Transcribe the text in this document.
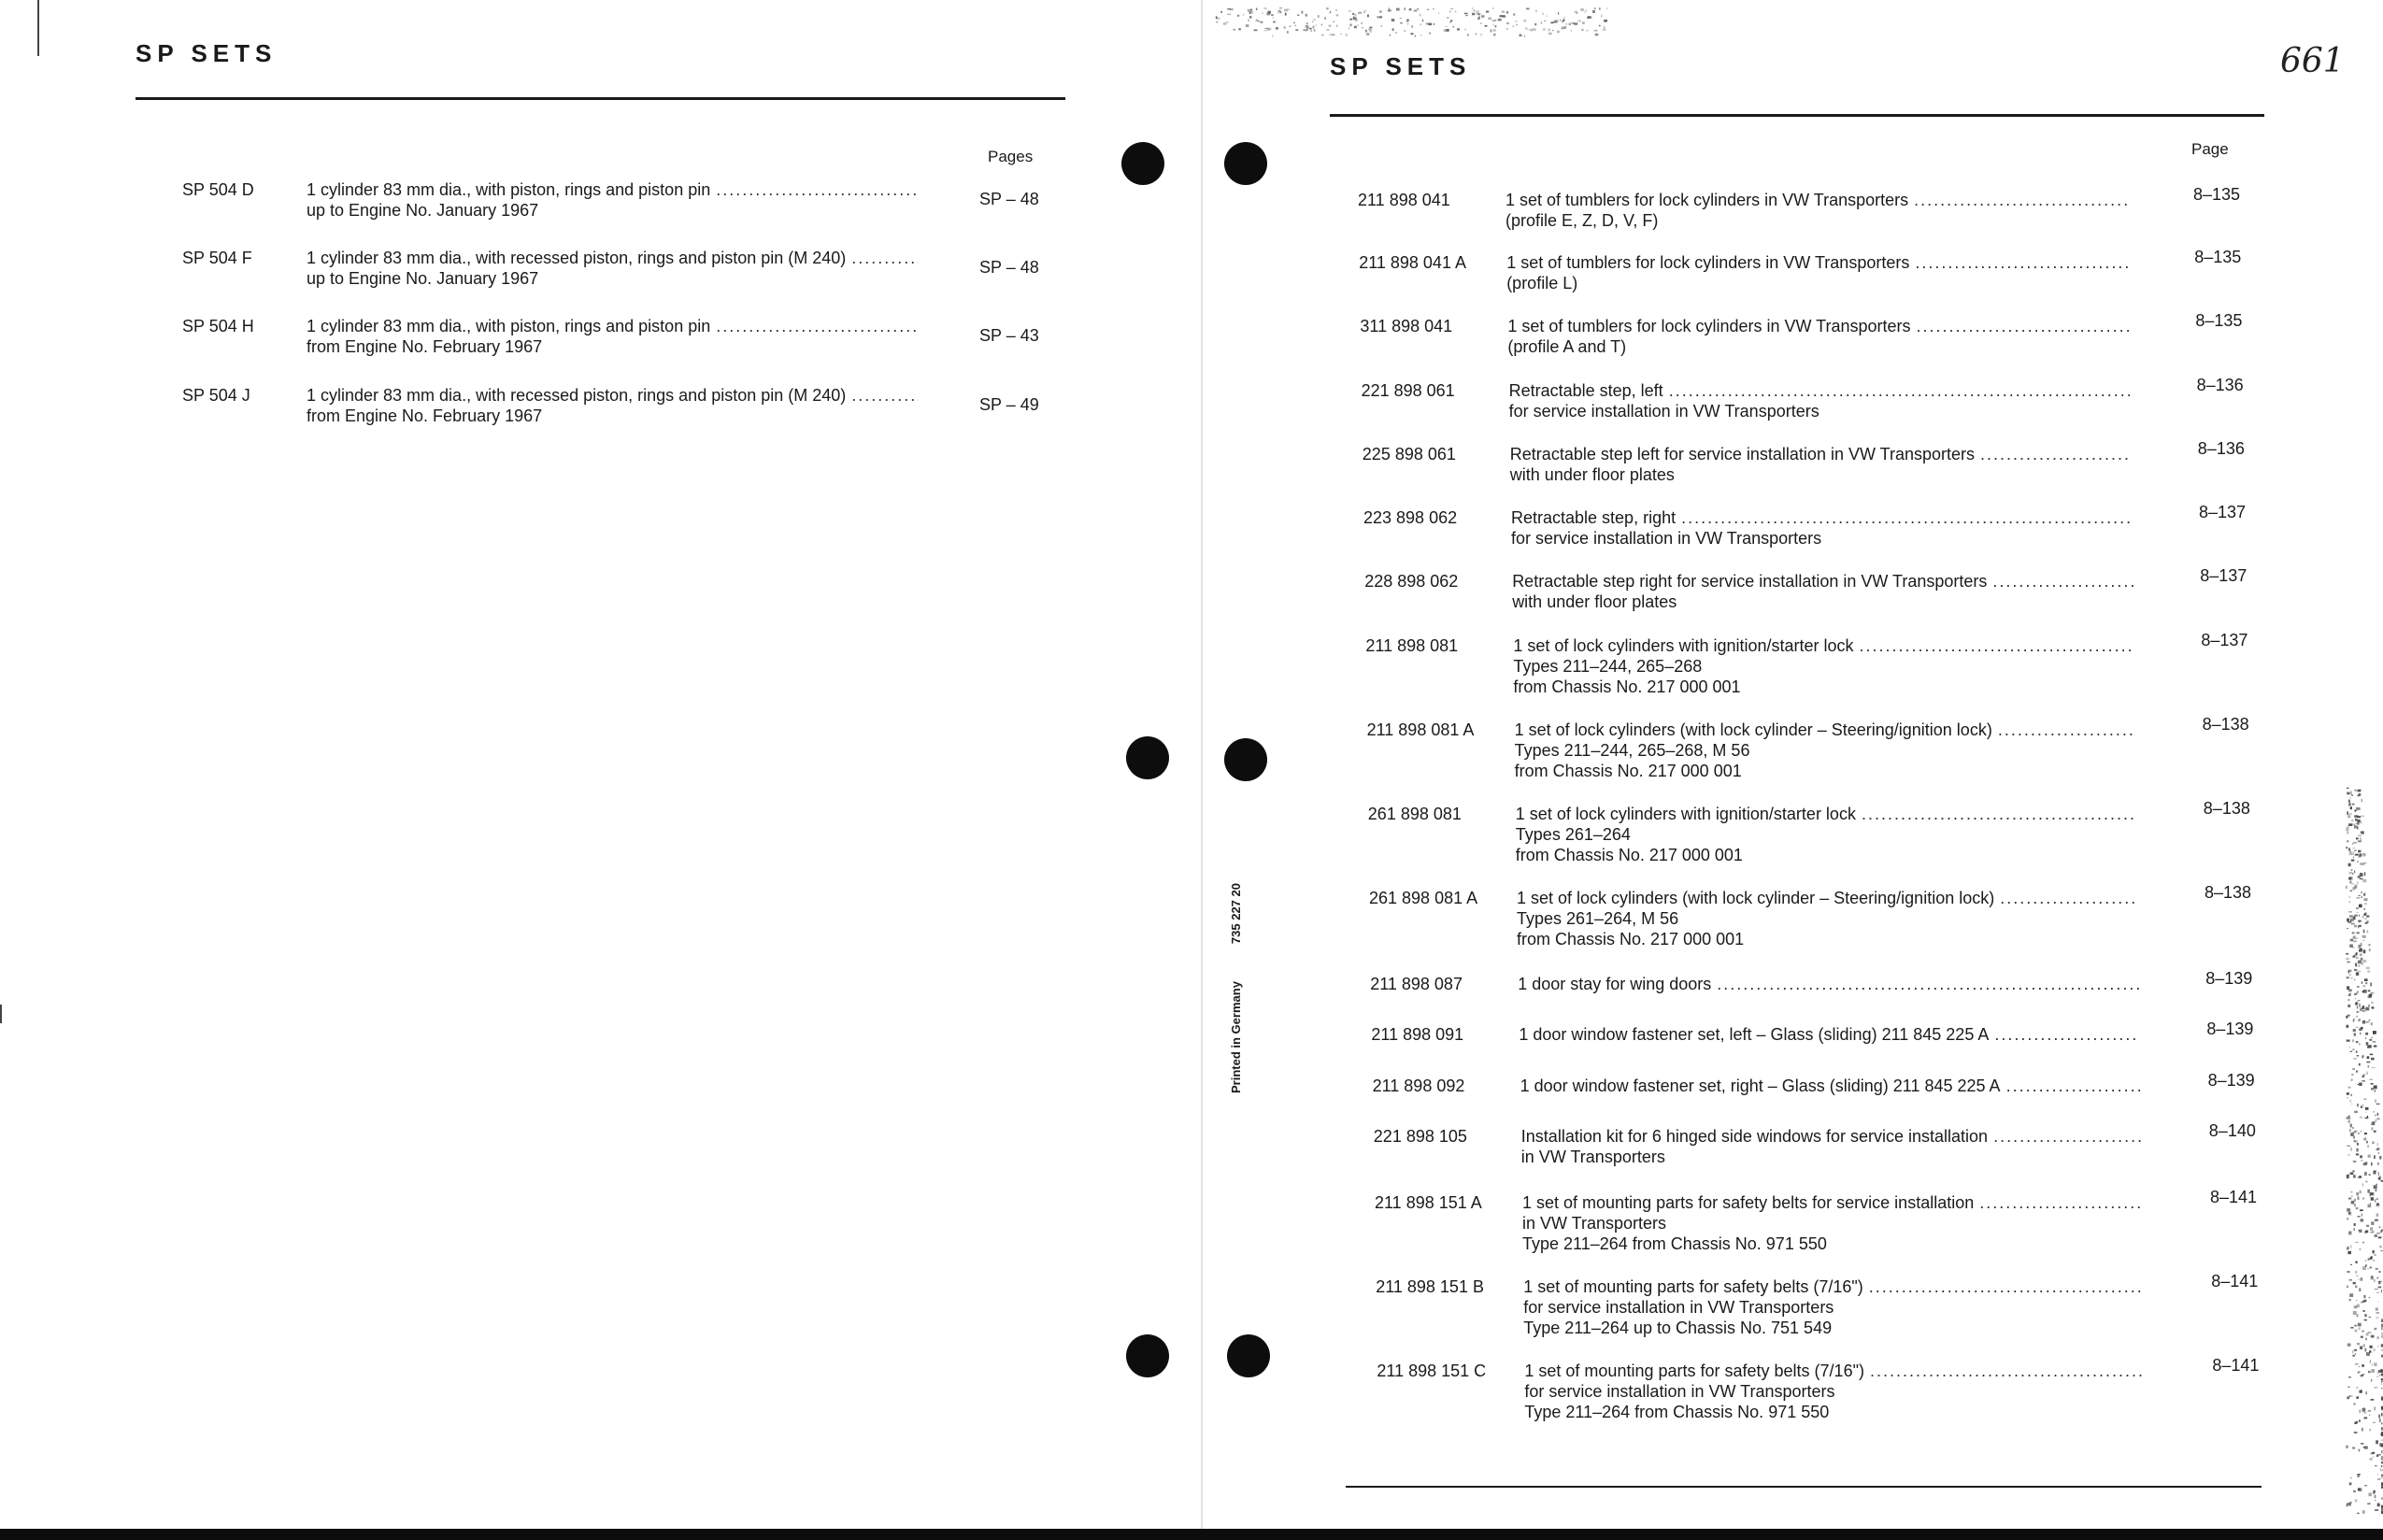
SP SETS
Pages
SP 504 D	1 cylinder 83 mm dia., with piston, rings and piston pin
.....
up to Engine No. January 1967
SP – 48
SP 504 F	1 cylinder 83 mm dia., with recessed piston, rings and piston pin (M 240)
.....
up to Engine No. January 1967
SP – 48
SP 504 H	1 cylinder 83 mm dia., with piston, rings and piston pin
.....
from Engine No. February 1967
SP – 43
SP 504 J	1 cylinder 83 mm dia., with recessed piston, rings and piston pin (M 240)
.....
from Engine No. February 1967
SP – 49
SP SETS
Page
211 898 041	1 set of tumblers for lock cylinders in VW Transporters
.....
(profile E, Z, D, V, F)
8–135
211 898 041 A 1 set of tumblers for lock cylinders in VW Transporters
.....
(profile L)
8–135
311 898 041	1 set of tumblers for lock cylinders in VW Transporters
.....
(profile A and T)
8–135
221 898 061	Retractable step, left
.....
for service installation in VW Transporters
8–136
225 898 061	Retractable step left for service installation in VW Transporters
.....
with under floor plates
8–136
223 898 062	Retractable step, right
.....
for service installation in VW Transporters
8–137
228 898 062	Retractable step right for service installation in VW Transporters
.....
with under floor plates
8–137
211 898 081	1 set of lock cylinders with ignition/starter lock
.....
Types 211–244, 265–268
from Chassis No. 217 000 001
8–137
211 898 081 A 1 set of lock cylinders (with lock cylinder – Steering/ignition lock)
.....
Types 211–244, 265–268, M 56
from Chassis No. 217 000 001
8–138
261 898 081	1 set of lock cylinders with ignition/starter lock
.....
Types 261–264
from Chassis No. 217 000 001
8–138
261 898 081 A 1 set of lock cylinders (with lock cylinder – Steering/ignition lock)
.....
Types 261–264, M 56
from Chassis No. 217 000 001
8–138
211 898 087	1 door stay for wing doors .....	8–139
211 898 091	1 door window fastener set, left – Glass (sliding) 211 845 225 A .....	8–139
211 898 092	1 door window fastener set, right – Glass (sliding) 211 845 225 A .....	8–139
221 898 105	Installation kit for 6 hinged side windows for service installation
.....
in VW Transporters
8–140
211 898 151 A 1 set of mounting parts for safety belts for service installation
.....
in VW Transporters
Type 211–264 from Chassis No. 971 550
8–141
211 898 151 B 1 set of mounting parts for safety belts (7/16")
.....
for service installation in VW Transporters
Type 211–264 up to Chassis No. 751 549
8–141
211 898 151 C 1 set of mounting parts for safety belts (7/16")
.....
for service installation in VW Transporters
Type 211–264 from Chassis No. 971 550
8–141
661
Printed in Germany735 227 20
